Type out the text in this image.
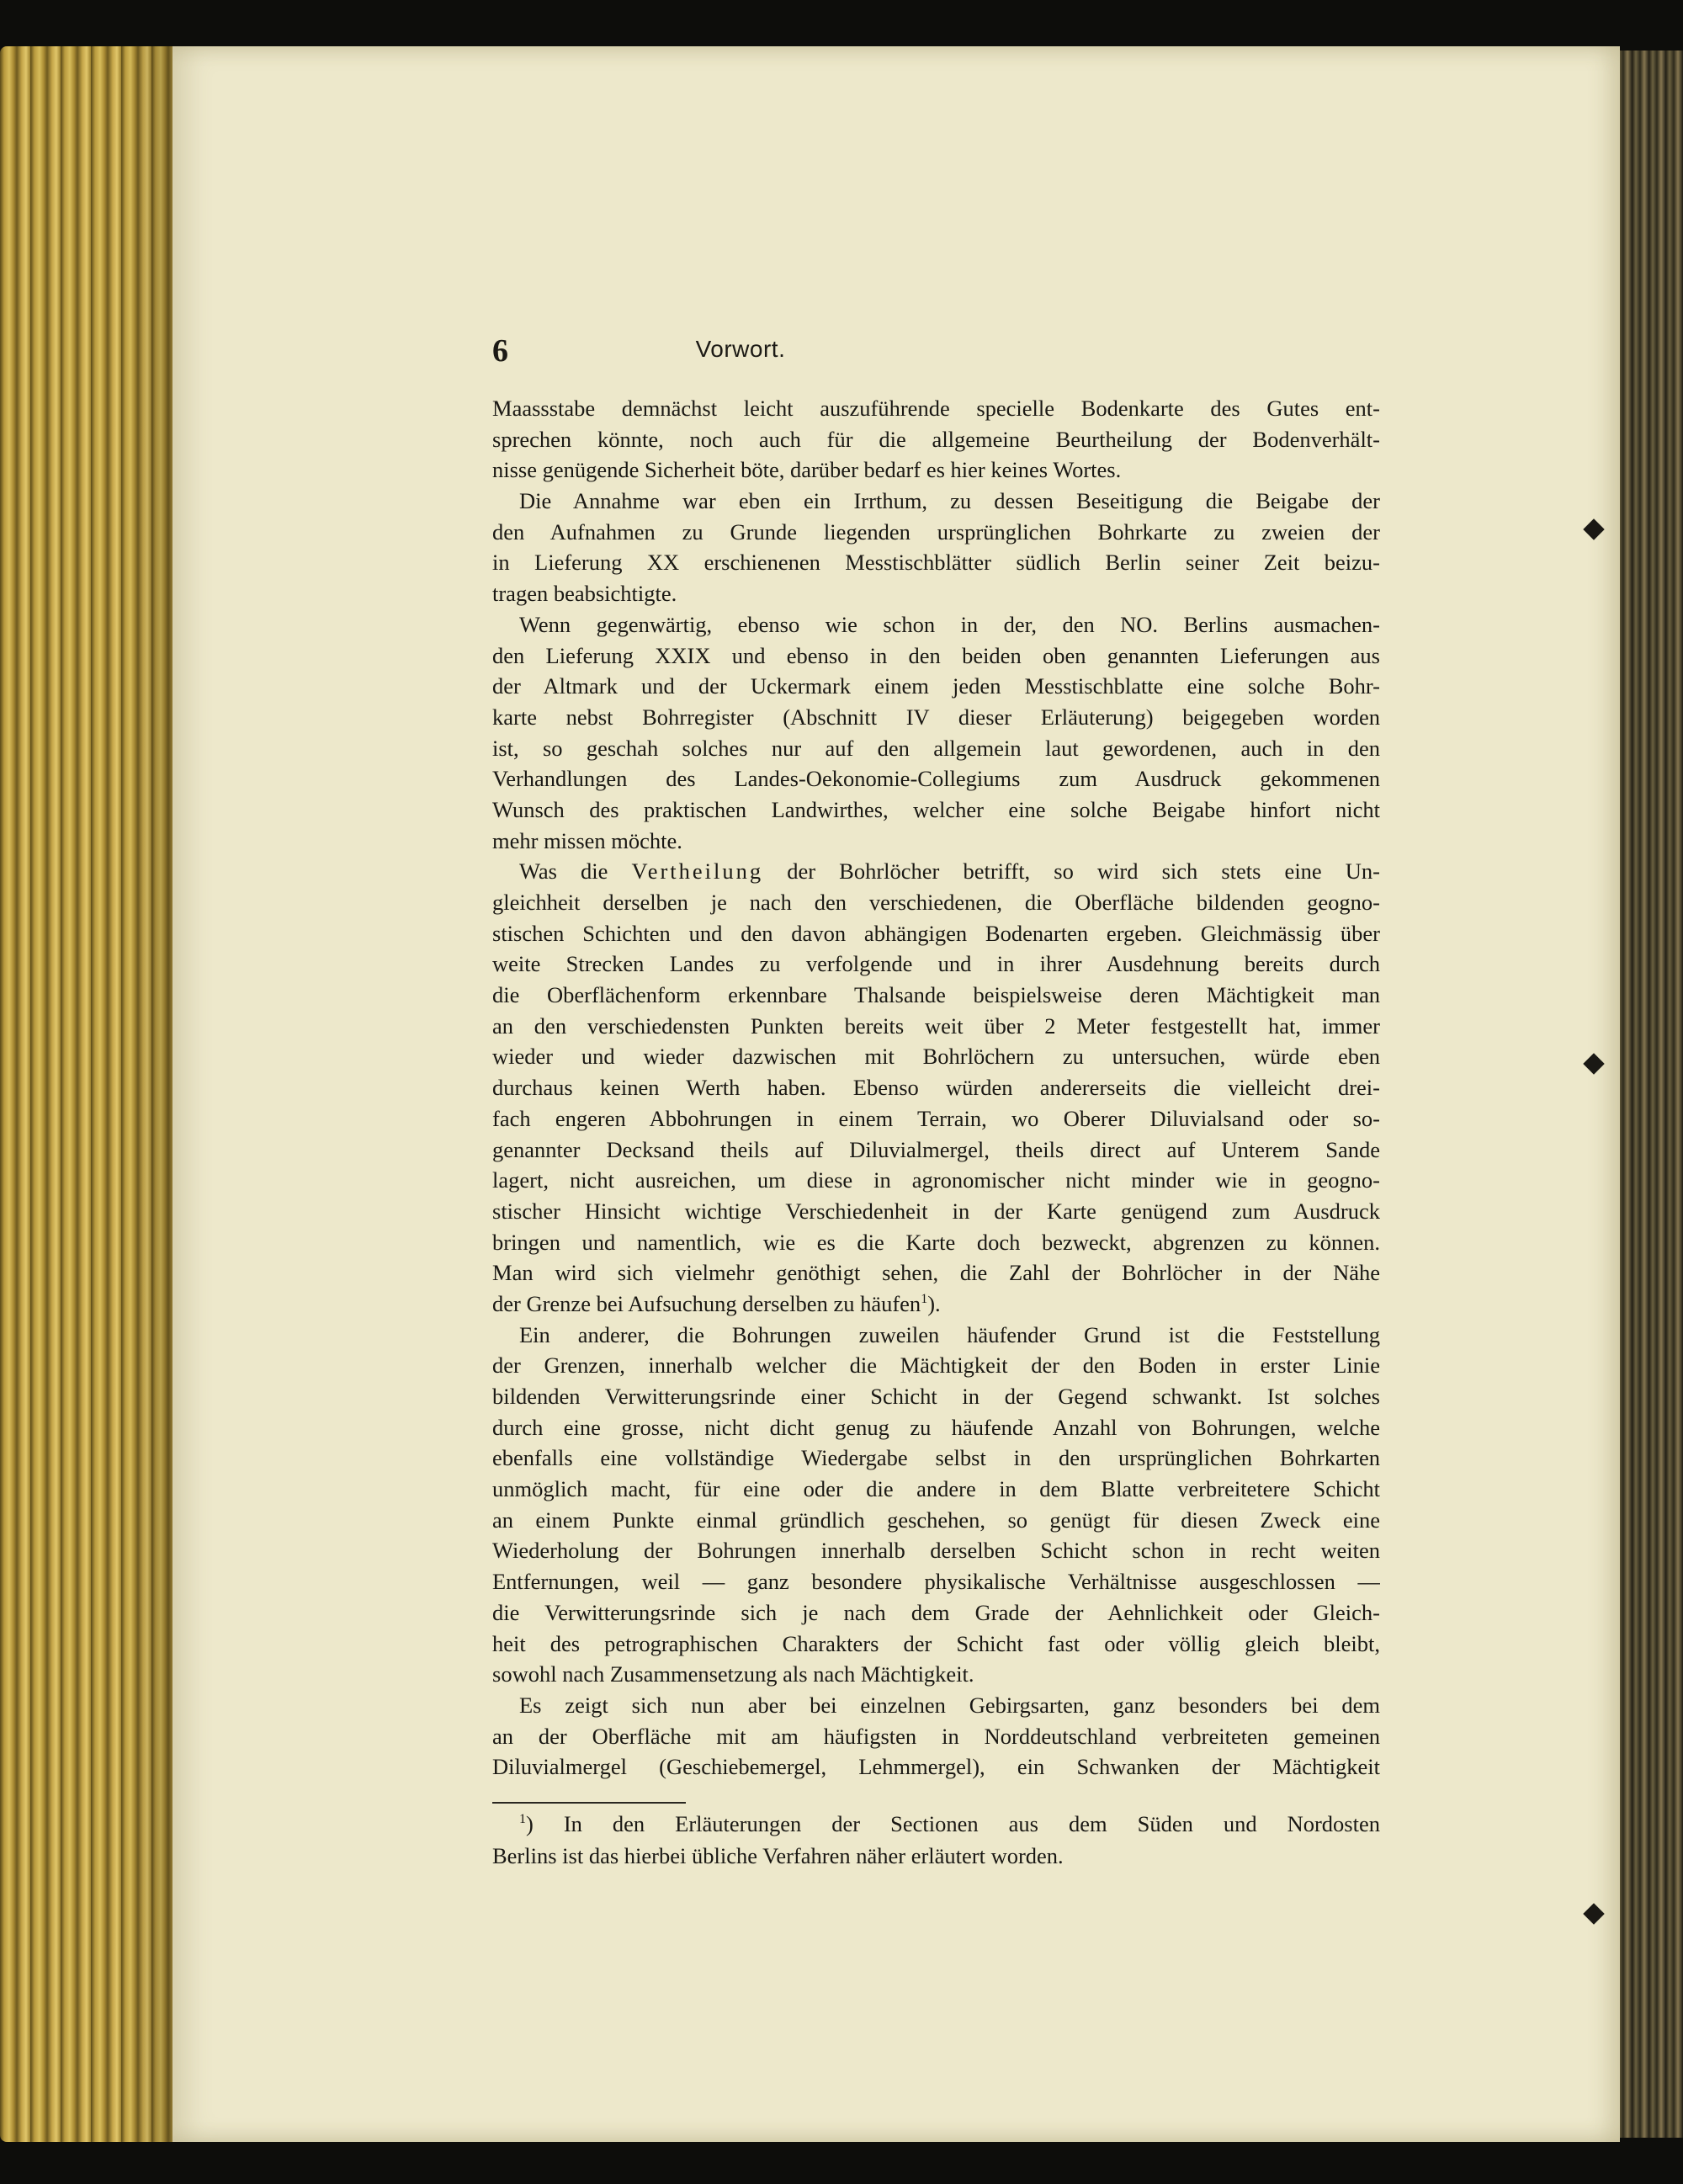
6	Vorwort.
Maassstabe demnächst leicht auszuführende specielle Bodenkarte des Gutes ent-
sprechen könnte, noch auch für die allgemeine Beurtheilung der Bodenverhält-
nisse genügende Sicherheit böte, darüber bedarf es hier keines Wortes.
Die Annahme war eben ein Irrthum, zu dessen Beseitigung die Beigabe der
den Aufnahmen zu Grunde liegenden ursprünglichen Bohrkarte zu zweien der
in Lieferung XX erschienenen Messtischblätter südlich Berlin seiner Zeit beizu-
tragen beabsichtigte.
Wenn gegenwärtig, ebenso wie schon in der, den NO. Berlins ausmachen-
den Lieferung XXIX und ebenso in den beiden oben genannten Lieferungen aus
der Altmark und der Uckermark einem jeden Messtischblatte eine solche Bohr-
karte nebst Bohrregister (Abschnitt IV dieser Erläuterung) beigegeben worden
ist, so geschah solches nur auf den allgemein laut gewordenen, auch in den
Verhandlungen des Landes-Oekonomie-Collegiums zum Ausdruck gekommenen
Wunsch des praktischen Landwirthes, welcher eine solche Beigabe hinfort nicht
mehr missen möchte.
Was die Vertheilung der Bohrlöcher betrifft, so wird sich stets eine Un-
gleichheit derselben je nach den verschiedenen, die Oberfläche bildenden geogno-
stischen Schichten und den davon abhängigen Bodenarten ergeben. Gleichmässig über
weite Strecken Landes zu verfolgende und in ihrer Ausdehnung bereits durch
die Oberflächenform erkennbare Thalsande beispielsweise deren Mächtigkeit man
an den verschiedensten Punkten bereits weit über 2 Meter festgestellt hat, immer
wieder und wieder dazwischen mit Bohrlöchern zu untersuchen, würde eben
durchaus keinen Werth haben. Ebenso würden andererseits die vielleicht drei-
fach engeren Abbohrungen in einem Terrain, wo Oberer Diluvialsand oder so-
genannter Decksand theils auf Diluvialmergel, theils direct auf Unterem Sande
lagert, nicht ausreichen, um diese in agronomischer nicht minder wie in geogno-
stischer Hinsicht wichtige Verschiedenheit in der Karte genügend zum Ausdruck
bringen und namentlich, wie es die Karte doch bezweckt, abgrenzen zu können.
Man wird sich vielmehr genöthigt sehen, die Zahl der Bohrlöcher in der Nähe
der Grenze bei Aufsuchung derselben zu häufen$^1$).
Ein anderer, die Bohrungen zuweilen häufender Grund ist die Feststellung
der Grenzen, innerhalb welcher die Mächtigkeit der den Boden in erster Linie
bildenden Verwitterungsrinde einer Schicht in der Gegend schwankt. Ist solches
durch eine grosse, nicht dicht genug zu häufende Anzahl von Bohrungen, welche
ebenfalls eine vollständige Wiedergabe selbst in den ursprünglichen Bohrkarten
unmöglich macht, für eine oder die andere in dem Blatte verbreitetere Schicht
an einem Punkte einmal gründlich geschehen, so genügt für diesen Zweck eine
Wiederholung der Bohrungen innerhalb derselben Schicht schon in recht weiten
Entfernungen, weil — ganz besondere physikalische Verhältnisse ausgeschlossen —
die Verwitterungsrinde sich je nach dem Grade der Aehnlichkeit oder Gleich-
heit des petrographischen Charakters der Schicht fast oder völlig gleich bleibt,
sowohl nach Zusammensetzung als nach Mächtigkeit.
Es zeigt sich nun aber bei einzelnen Gebirgsarten, ganz besonders bei dem
an der Oberfläche mit am häufigsten in Norddeutschland verbreiteten gemeinen
Diluvialmergel (Geschiebemergel, Lehmmergel), ein Schwanken der Mächtigkeit
$^1$) In den Erläuterungen der Sectionen aus dem Süden und Nordosten
Berlins ist das hierbei übliche Verfahren näher erläutert worden.
